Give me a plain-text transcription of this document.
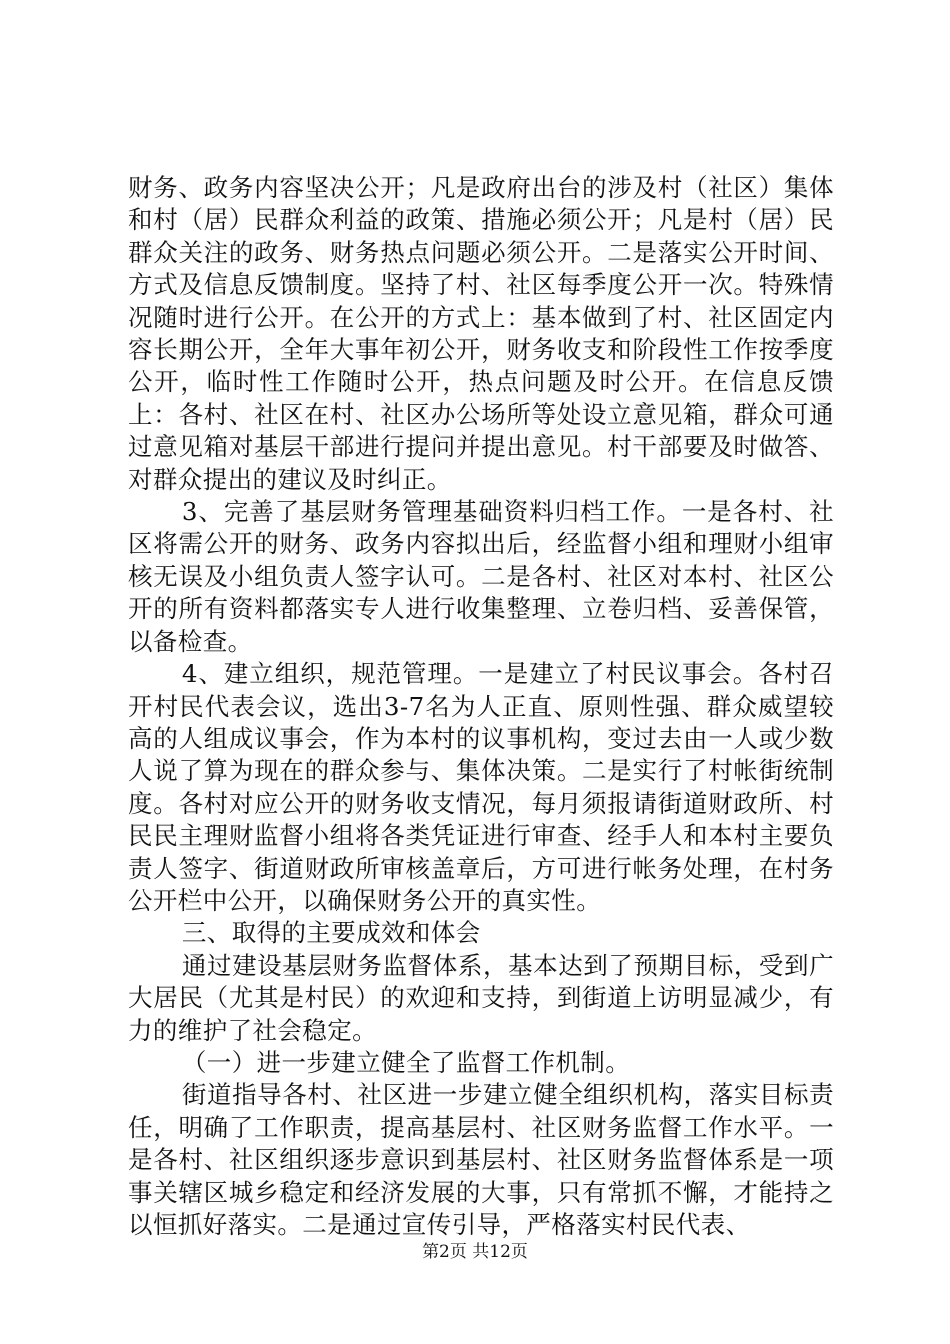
财务、政务内容坚决公开；凡是政府出台的涉及村（社区）集体和村（居）民群众利益的政策、措施必须公开；凡是村（居）民群众关注的政务、财务热点问题必须公开。二是落实公开时间、方式及信息反馈制度。坚持了村、社区每季度公开一次。特殊情况随时进行公开。在公开的方式上：基本做到了村、社区固定内容长期公开，全年大事年初公开，财务收支和阶段性工作按季度公开，临时性工作随时公开，热点问题及时公开。在信息反馈上：各村、社区在村、社区办公场所等处设立意见箱，群众可通过意见箱对基层干部进行提问并提出意见。村干部要及时做答、对群众提出的建议及时纠正。

3、完善了基层财务管理基础资料归档工作。一是各村、社区将需公开的财务、政务内容拟出后，经监督小组和理财小组审核无误及小组负责人签字认可。二是各村、社区对本村、社区公开的所有资料都落实专人进行收集整理、立卷归档、妥善保管，以备检查。

4、建立组织，规范管理。一是建立了村民议事会。各村召开村民代表会议，选出3-7名为人正直、原则性强、群众威望较高的人组成议事会，作为本村的议事机构，变过去由一人或少数人说了算为现在的群众参与、集体决策。二是实行了村帐街统制度。各村对应公开的财务收支情况，每月须报请街道财政所、村民民主理财监督小组将各类凭证进行审查、经手人和本村主要负责人签字、街道财政所审核盖章后，方可进行帐务处理，在村务公开栏中公开，以确保财务公开的真实性。

三、取得的主要成效和体会

通过建设基层财务监督体系，基本达到了预期目标，受到广大居民（尤其是村民）的欢迎和支持，到街道上访明显减少，有力的维护了社会稳定。

（一）进一步建立健全了监督工作机制。

街道指导各村、社区进一步建立健全组织机构，落实目标责任，明确了工作职责，提高基层村、社区财务监督工作水平。一是各村、社区组织逐步意识到基层村、社区财务监督体系是一项事关辖区城乡稳定和经济发展的大事，只有常抓不懈，才能持之以恒抓好落实。二是通过宣传引导，严格落实村民代表、

第2页 共12页
